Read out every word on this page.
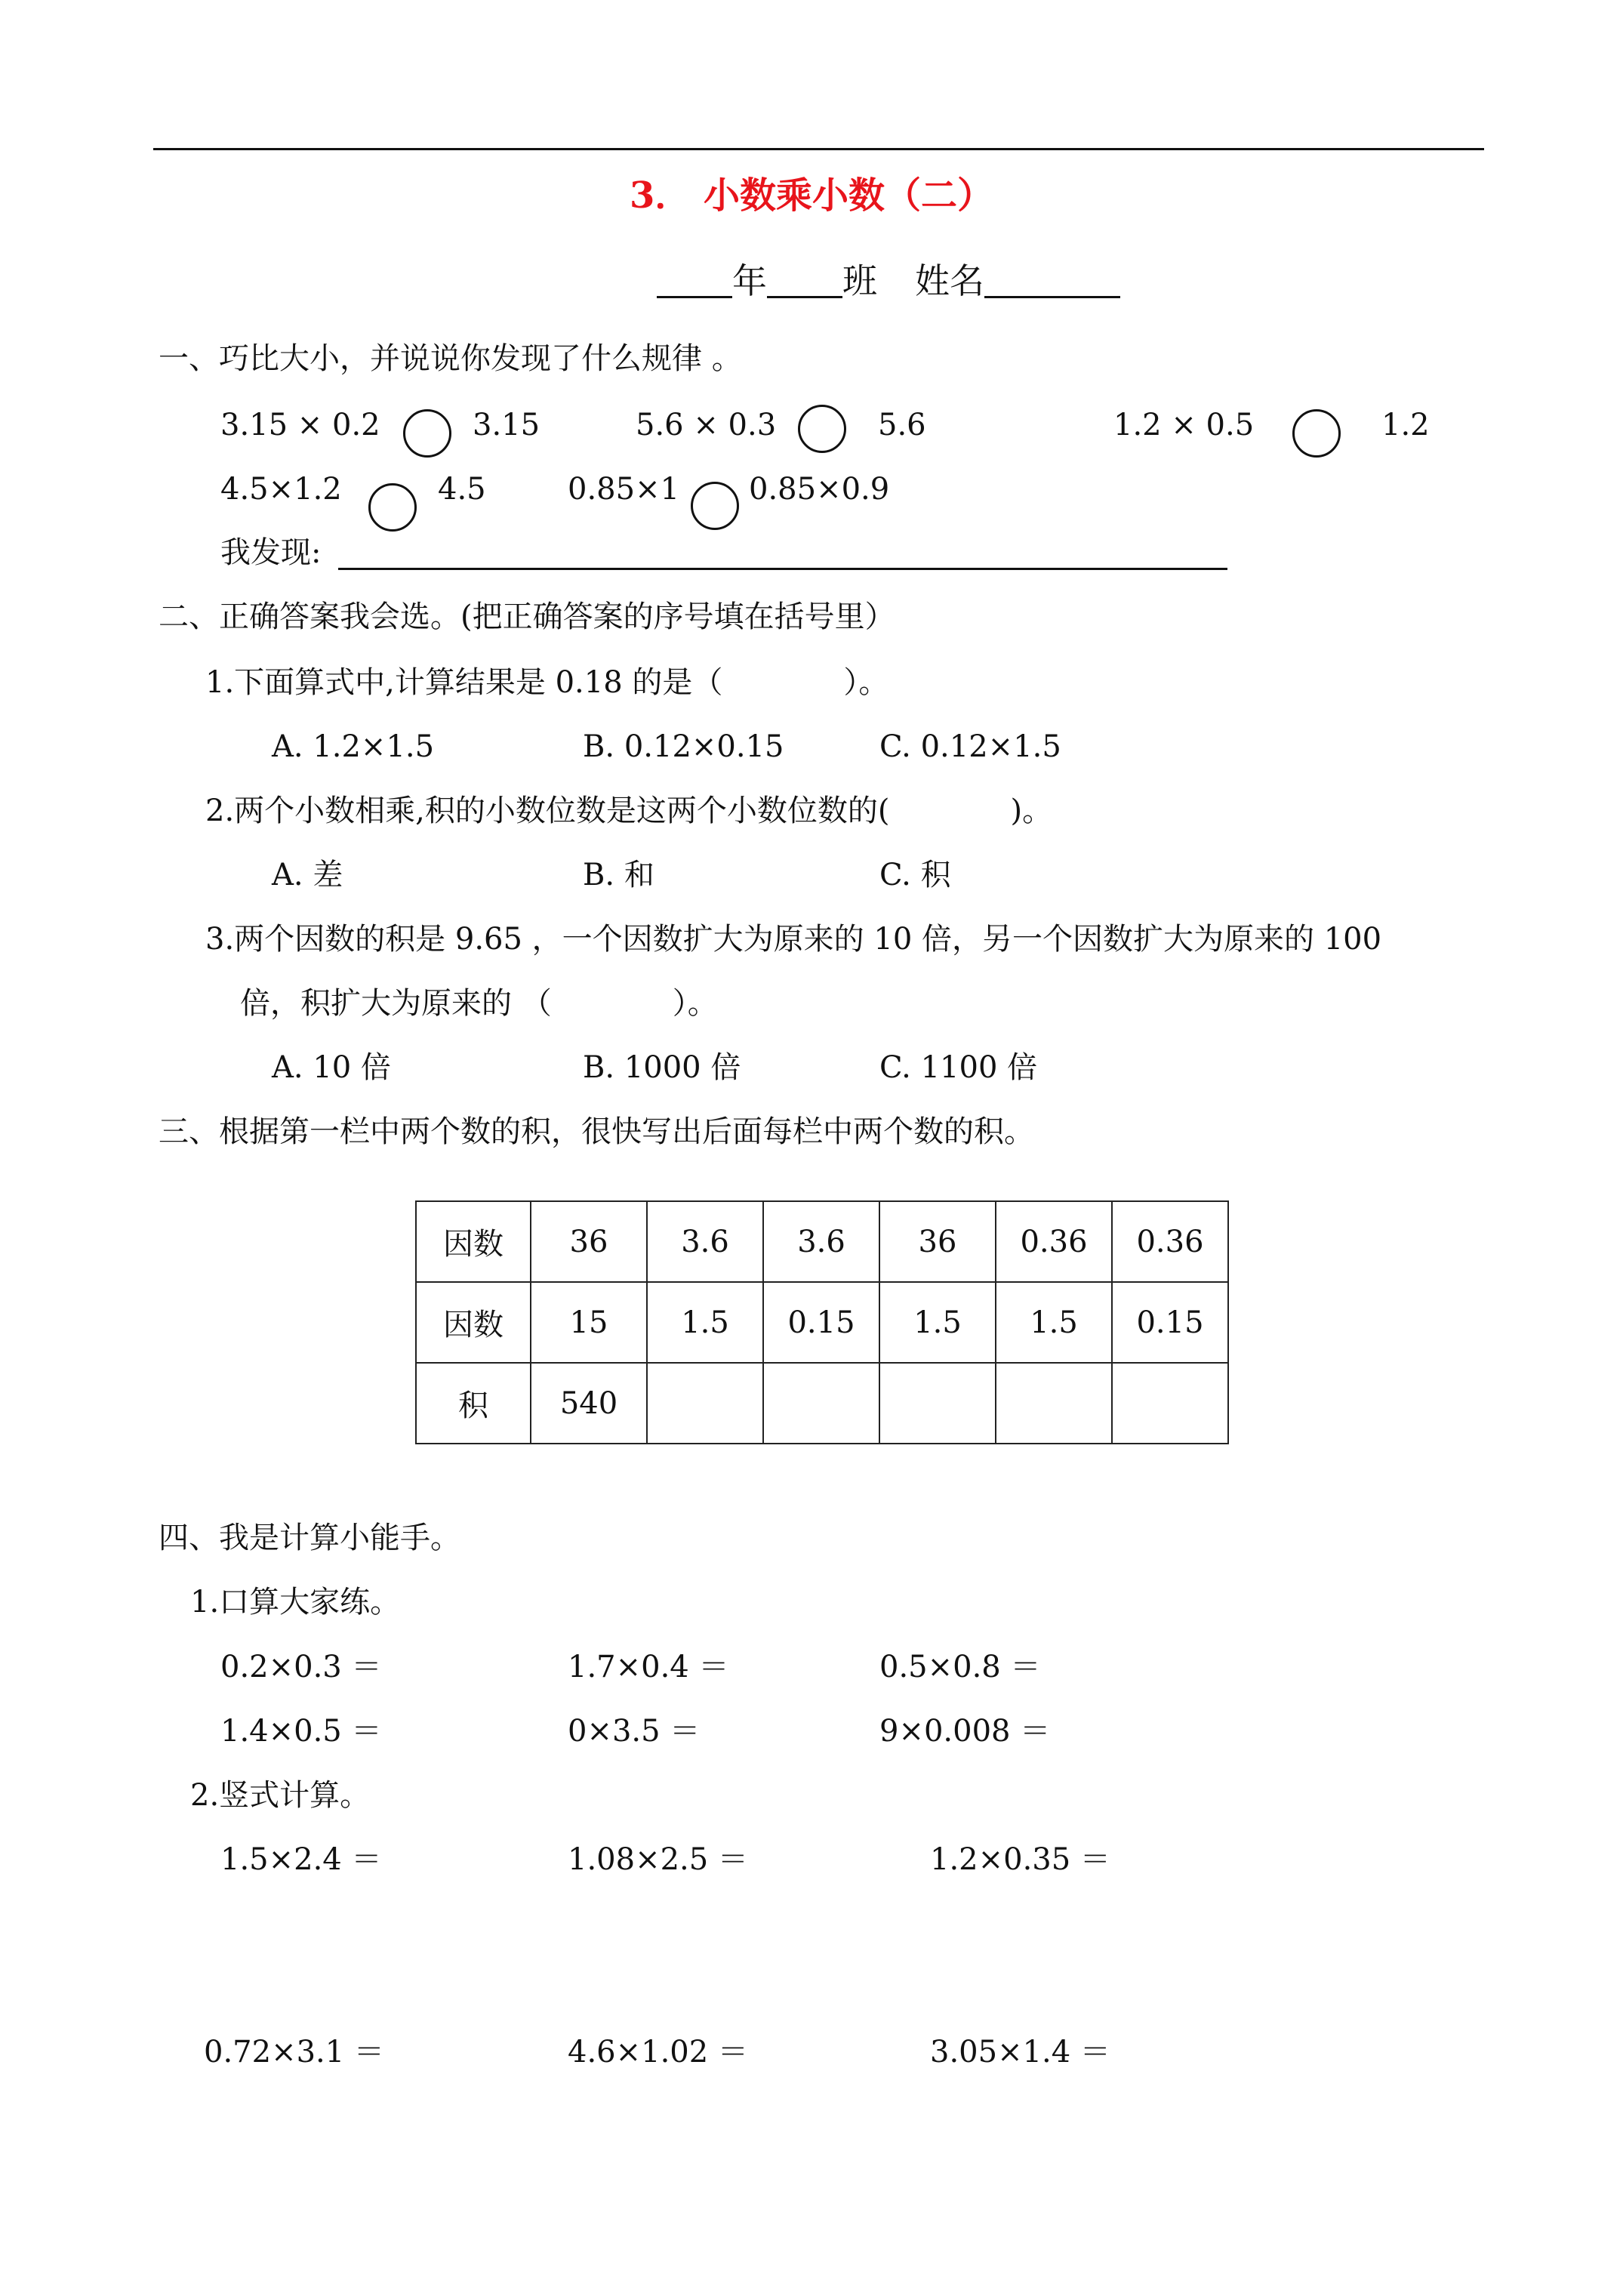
3． 小数乘小数（二）
年 班 姓名
一、巧比大小，并说说你发现了什么规律 。
3.15 × 0.2	3.15	5.6 × 0.3	5.6	1.2 × 0.5	1.2
4.5×1.2	4.5	0.85×1 0.85×0.9
我发现:
二、正确答案我会选。(把正确答案的序号填在括号里）
1.下面算式中,计算结果是 0.18 的是（　　　　）。
A. 1.2×1.5	B. 0.12×0.15	C. 0.12×1.5
2.两个小数相乘,积的小数位数是这两个小数位数的(　　　　)。
A. 差	B. 和	C. 积
3.两个因数的积是 9.65 ，一个因数扩大为原来的 10 倍，另一个因数扩大为原来的 100
倍，积扩大为原来的 （　　　　）。
A. 10 倍	B. 1000 倍	C. 1100 倍
三、根据第一栏中两个数的积，很快写出后面每栏中两个数的积。
因数	36	3.6	3.6	36	0.36	0.36
因数	15	1.5	0.15	1.5	1.5	0.15
积	540					
四、我是计算小能手。
1.口算大家练。
0.2×0.3 ＝	1.7×0.4 ＝	0.5×0.8 ＝
1.4×0.5 ＝	0×3.5 ＝	9×0.008 ＝
2.竖式计算。
1.5×2.4 ＝	1.08×2.5 ＝	1.2×0.35 ＝
0.72×3.1 ＝	4.6×1.02 ＝	3.05×1.4 ＝
